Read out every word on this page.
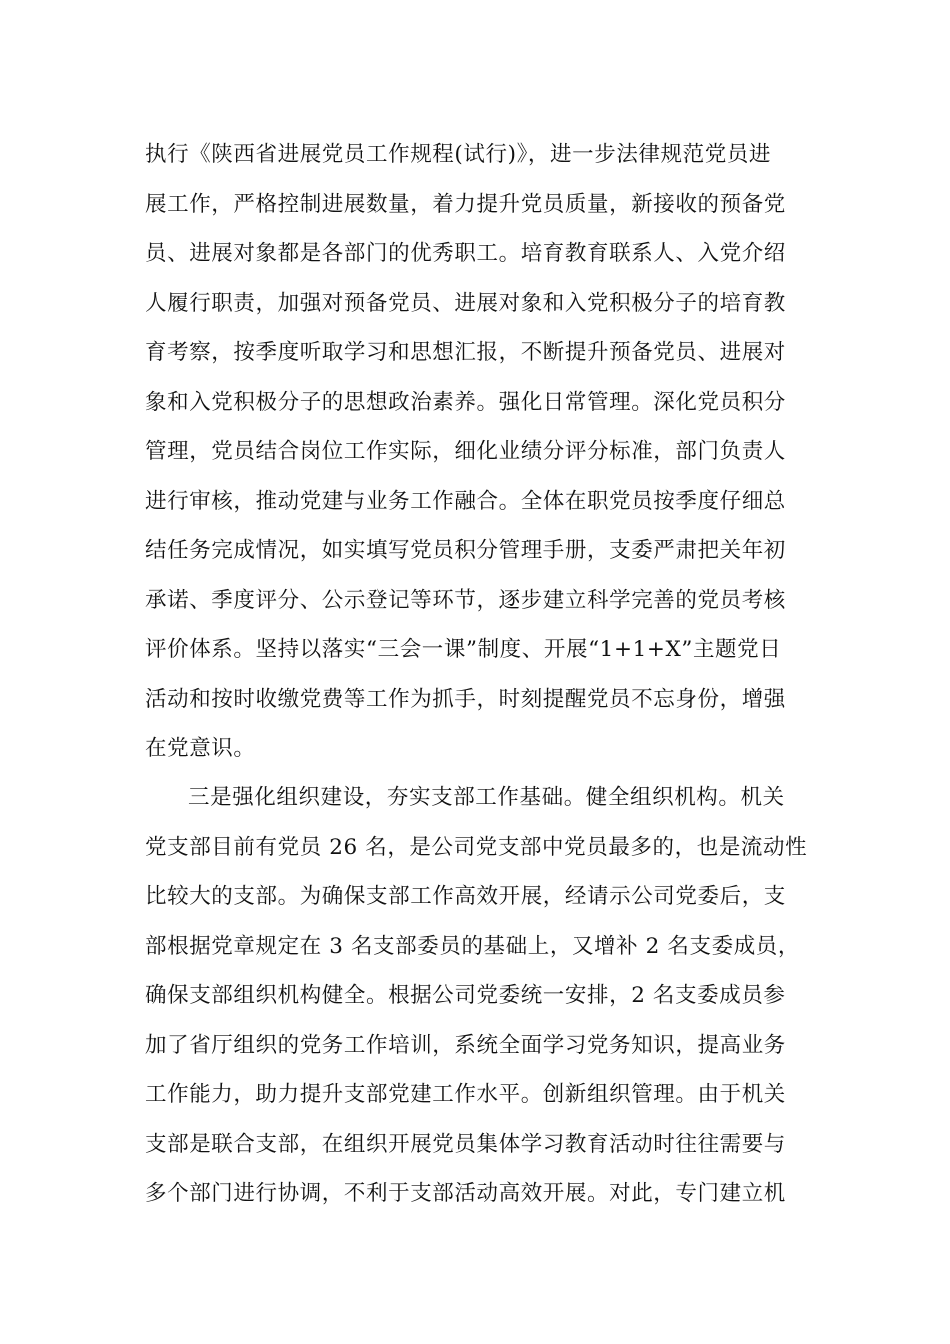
执行《陕西省进展党员工作规程(试行)》，进一步法律规范党员进
展工作，严格控制进展数量，着力提升党员质量，新接收的预备党
员、进展对象都是各部门的优秀职工。培育教育联系人、入党介绍
人履行职责，加强对预备党员、进展对象和入党积极分子的培育教
育考察，按季度听取学习和思想汇报，不断提升预备党员、进展对
象和入党积极分子的思想政治素养。强化日常管理。深化党员积分
管理，党员结合岗位工作实际，细化业绩分评分标准，部门负责人
进行审核，推动党建与业务工作融合。全体在职党员按季度仔细总
结任务完成情况，如实填写党员积分管理手册，支委严肃把关年初
承诺、季度评分、公示登记等环节，逐步建立科学完善的党员考核
评价体系。坚持以落实“三会一课”制度、开展“1+1+X”主题党日
活动和按时收缴党费等工作为抓手，时刻提醒党员不忘身份，增强
在党意识。
三是强化组织建设，夯实支部工作基础。健全组织机构。机关
党支部目前有党员 26 名，是公司党支部中党员最多的，也是流动性
比较大的支部。为确保支部工作高效开展，经请示公司党委后，支
部根据党章规定在 3 名支部委员的基础上，又增补 2 名支委成员，
确保支部组织机构健全。根据公司党委统一安排，2 名支委成员参
加了省厅组织的党务工作培训，系统全面学习党务知识，提高业务
工作能力，助力提升支部党建工作水平。创新组织管理。由于机关
支部是联合支部，在组织开展党员集体学习教育活动时往往需要与
多个部门进行协调，不利于支部活动高效开展。对此，专门建立机
